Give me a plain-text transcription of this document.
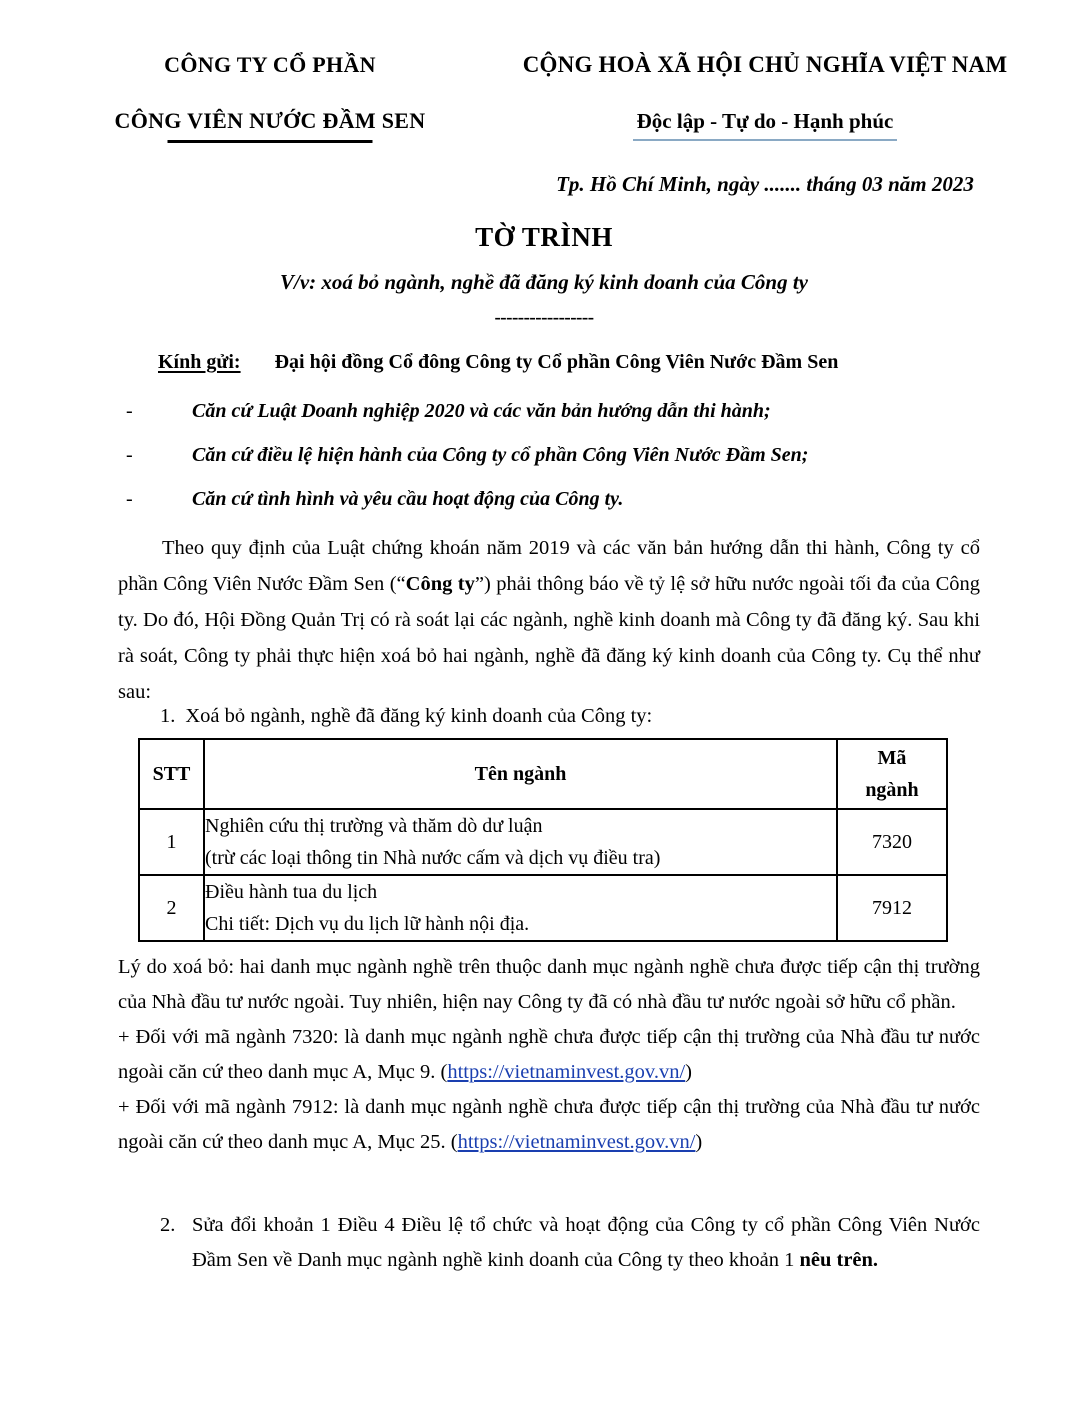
CÔNG TY CỔ PHẦN
CÔNG VIÊN NƯỚC ĐẦM SEN
CỘNG HOÀ XÃ HỘI CHỦ NGHĨA VIỆT NAM
Độc lập - Tự do - Hạnh phúc
Tp. Hồ Chí Minh, ngày ....... tháng 03 năm 2023
TỜ TRÌNH
V/v: xoá bỏ ngành, nghề đã đăng ký kinh doanh của Công ty
-----------------
Kính gửi: Đại hội đồng Cổ đông Công ty Cổ phần Công Viên Nước Đầm Sen
-	Căn cứ Luật Doanh nghiệp 2020 và các văn bản hướng dẫn thi hành;
-	Căn cứ điều lệ hiện hành của Công ty cổ phần Công Viên Nước Đầm Sen;
-	Căn cứ tình hình và yêu cầu hoạt động của Công ty.
Theo quy định của Luật chứng khoán năm 2019 và các văn bản hướng dẫn thi hành, Công ty cổ phần Công Viên Nước Đầm Sen (“Công ty”) phải thông báo về tỷ lệ sở hữu nước ngoài tối đa của Công ty. Do đó, Hội Đồng Quản Trị có rà soát lại các ngành, nghề kinh doanh mà Công ty đã đăng ký. Sau khi rà soát, Công ty phải thực hiện xoá bỏ hai ngành, nghề đã đăng ký kinh doanh của Công ty. Cụ thể như sau:
1. Xoá bỏ ngành, nghề đã đăng ký kinh doanh của Công ty:
STT	Tên ngành	Mã
ngành

1	Nghiên cứu thị trường và thăm dò dư luận
(trừ các loại thông tin Nhà nước cấm và dịch vụ điều tra)	7320
2	Điều hành tua du lịch
Chi tiết: Dịch vụ du lịch lữ hành nội địa.	7912

Lý do xoá bỏ: hai danh mục ngành nghề trên thuộc danh mục ngành nghề chưa được tiếp cận thị trường của Nhà đầu tư nước ngoài. Tuy nhiên, hiện nay Công ty đã có nhà đầu tư nước ngoài sở hữu cổ phần.

+ Đối với mã ngành 7320: là danh mục ngành nghề chưa được tiếp cận thị trường của Nhà đầu tư nước ngoài căn cứ theo danh mục A, Mục 9. (https://vietnaminvest.gov.vn/)

+ Đối với mã ngành 7912: là danh mục ngành nghề chưa được tiếp cận thị trường của Nhà đầu tư nước ngoài căn cứ theo danh mục A, Mục 25. (https://vietnaminvest.gov.vn/)

2. Sửa đổi khoản 1 Điều 4 Điều lệ tổ chức và hoạt động của Công ty cổ phần Công Viên Nước Đầm Sen về Danh mục ngành nghề kinh doanh của Công ty theo khoản 1 nêu trên.
